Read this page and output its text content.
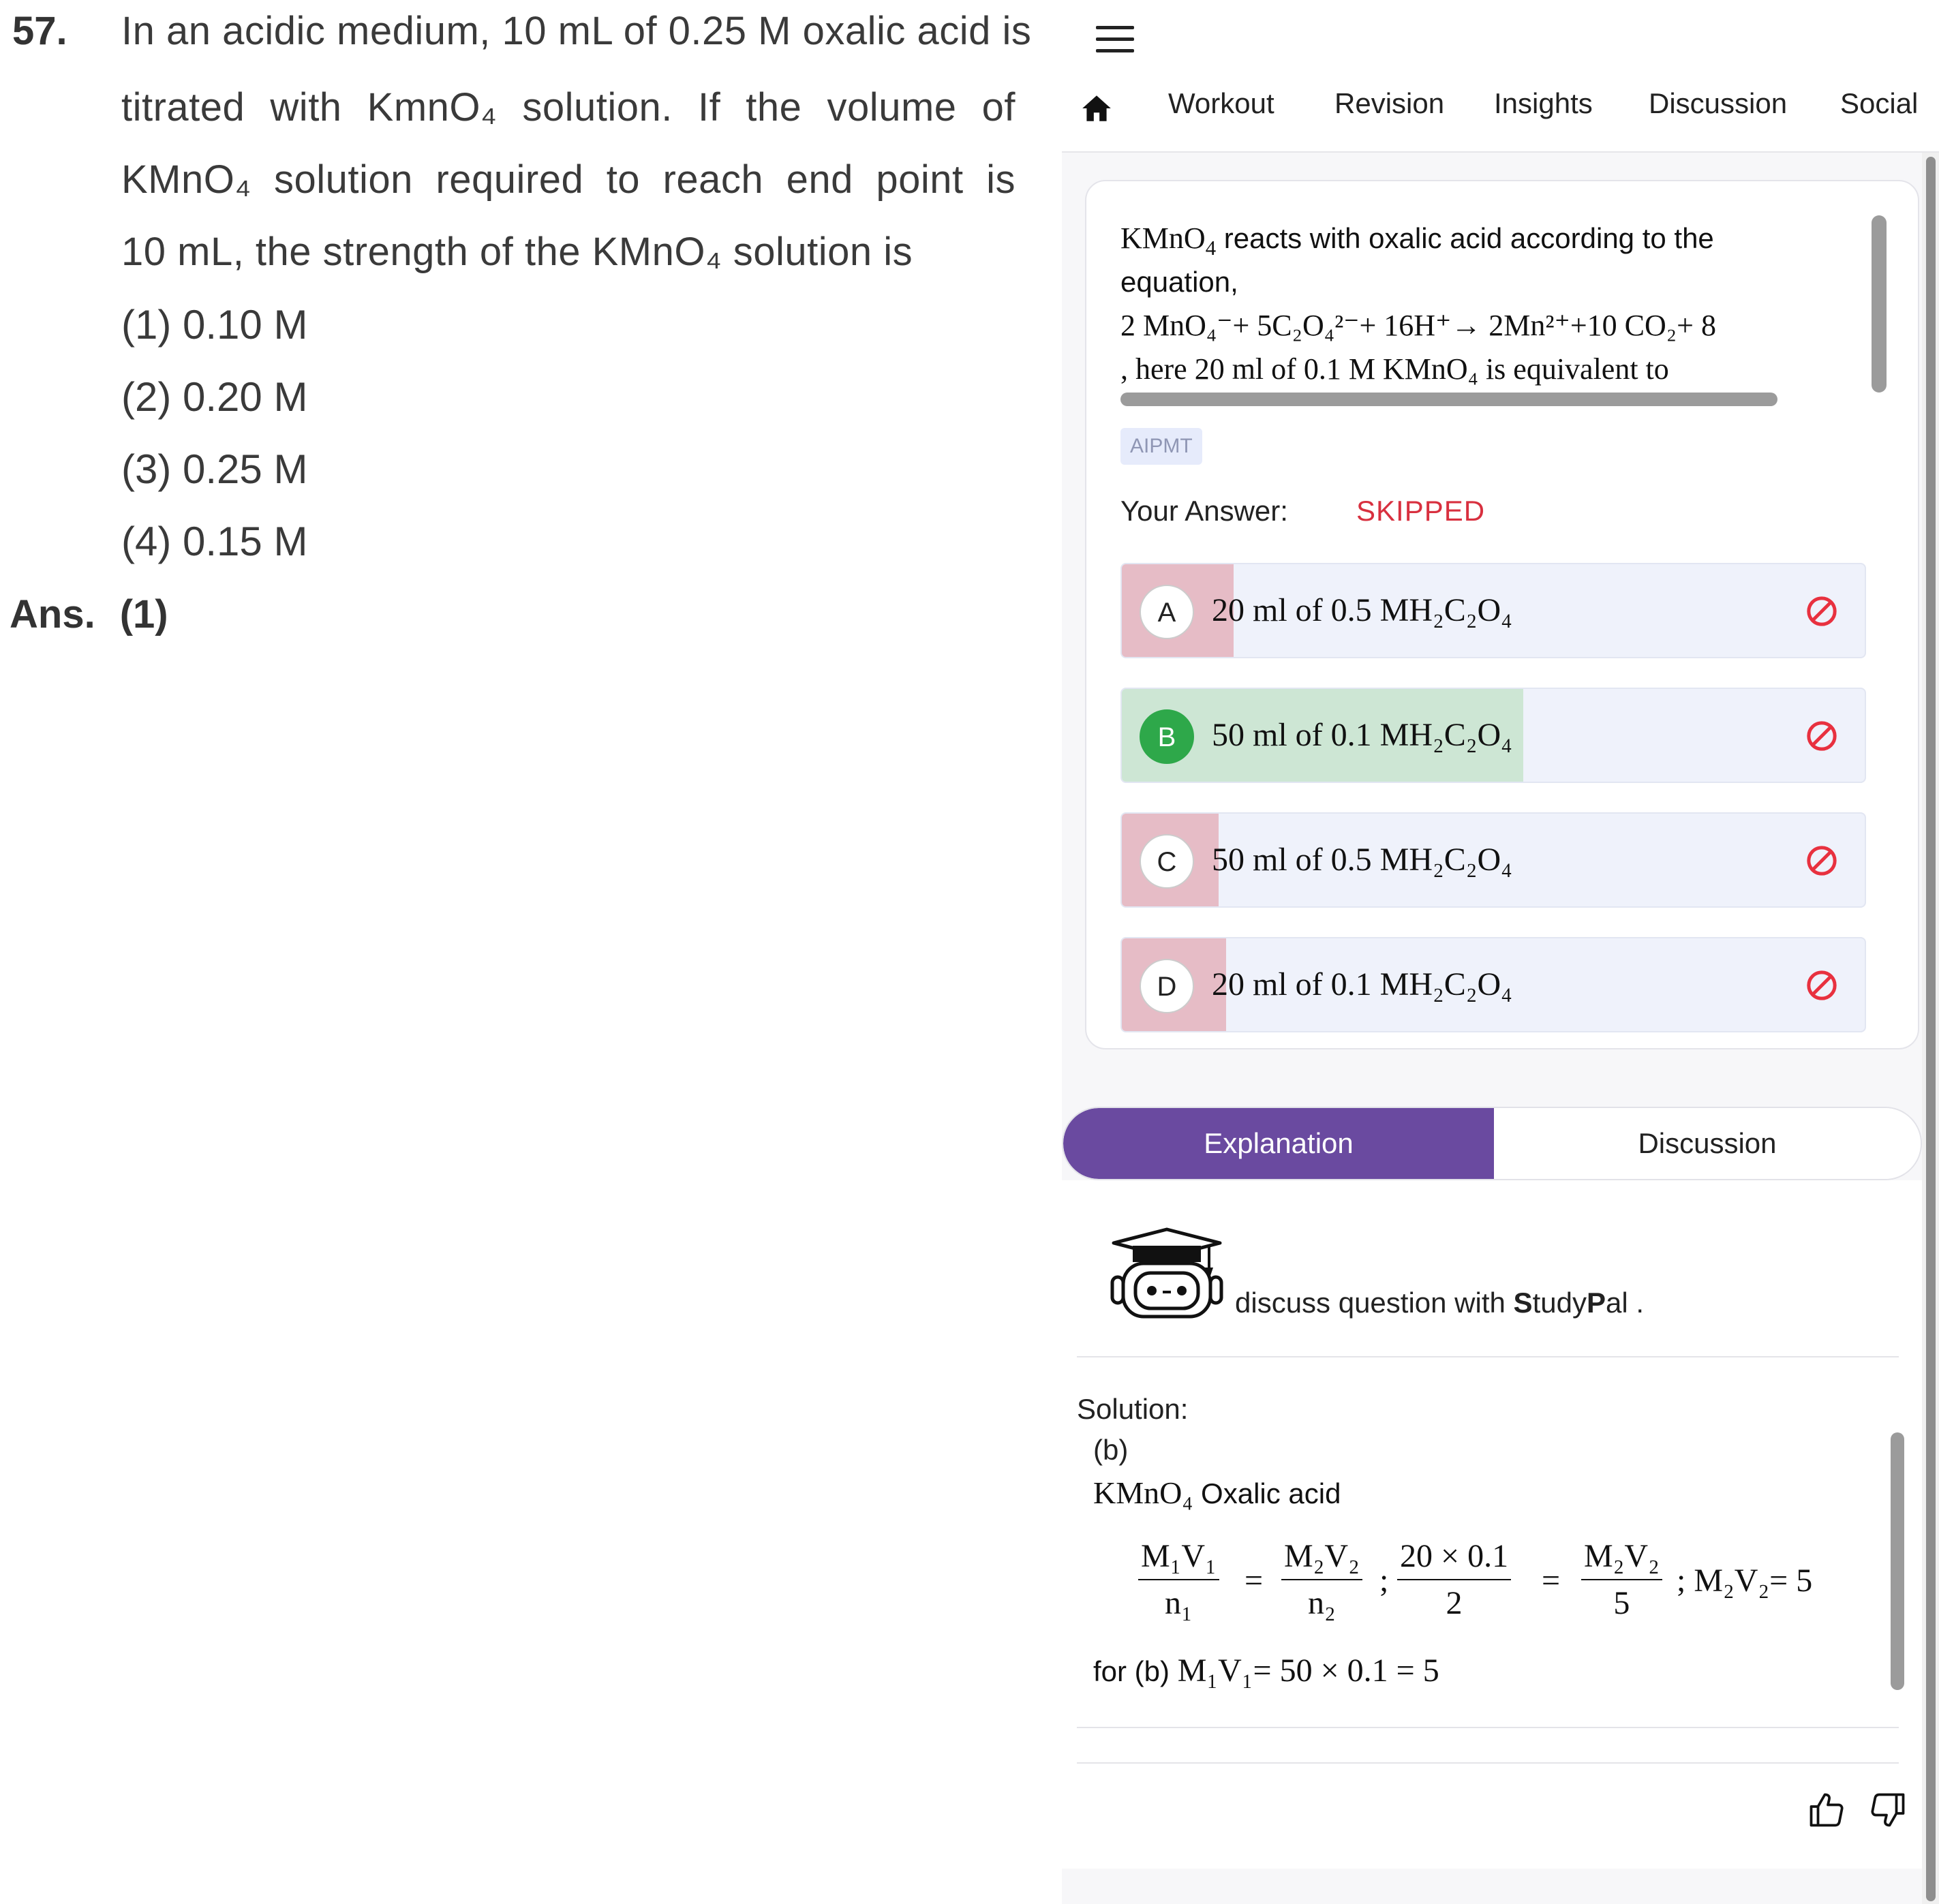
57. In an acidic medium, 10 mL of 0.25 M oxalic acid is
titrated with KmnO₄ solution. If the volume of
KMnO₄ solution required to reach end point is
10 mL, the strength of the KMnO₄ solution is
(1) 0.10 M
(2) 0.20 M
(3) 0.25 M
(4) 0.15 M
Ans. (1)
Workout Revision Insights Discussion Social
KMnO$_4$ reacts with oxalic acid according to the
equation,
2 MnO₄⁻+ 5C₂O₄²⁻+ 16H⁺→ 2Mn²⁺+10 CO₂+ 8
, here 20 ml of 0.1 M KMnO₄ is equivalent to
AIPMT
Your Answer: SKIPPED
A	20 ml of 0.5 MH₂C₂O₄
B	50 ml of 0.1 MH₂C₂O₄
C	50 ml of 0.5 MH₂C₂O₄
D	20 ml of 0.1 MH₂C₂O₄
Explanation	Discussion
discuss question with StudyPal .
Solution:
(b)
KMnO₄ Oxalic acid
$\frac{\text{M₁V₁}}{\text{n₁}} = \frac{\text{M₂V₂}}{\text{n₂}}$ ; $\frac{20 \times 0.1}{2} = \frac{\text{M₂V₂}}{5}$ ; M₂V₂= 5
for (b) M₁V₁= 50 × 0.1 = 5
